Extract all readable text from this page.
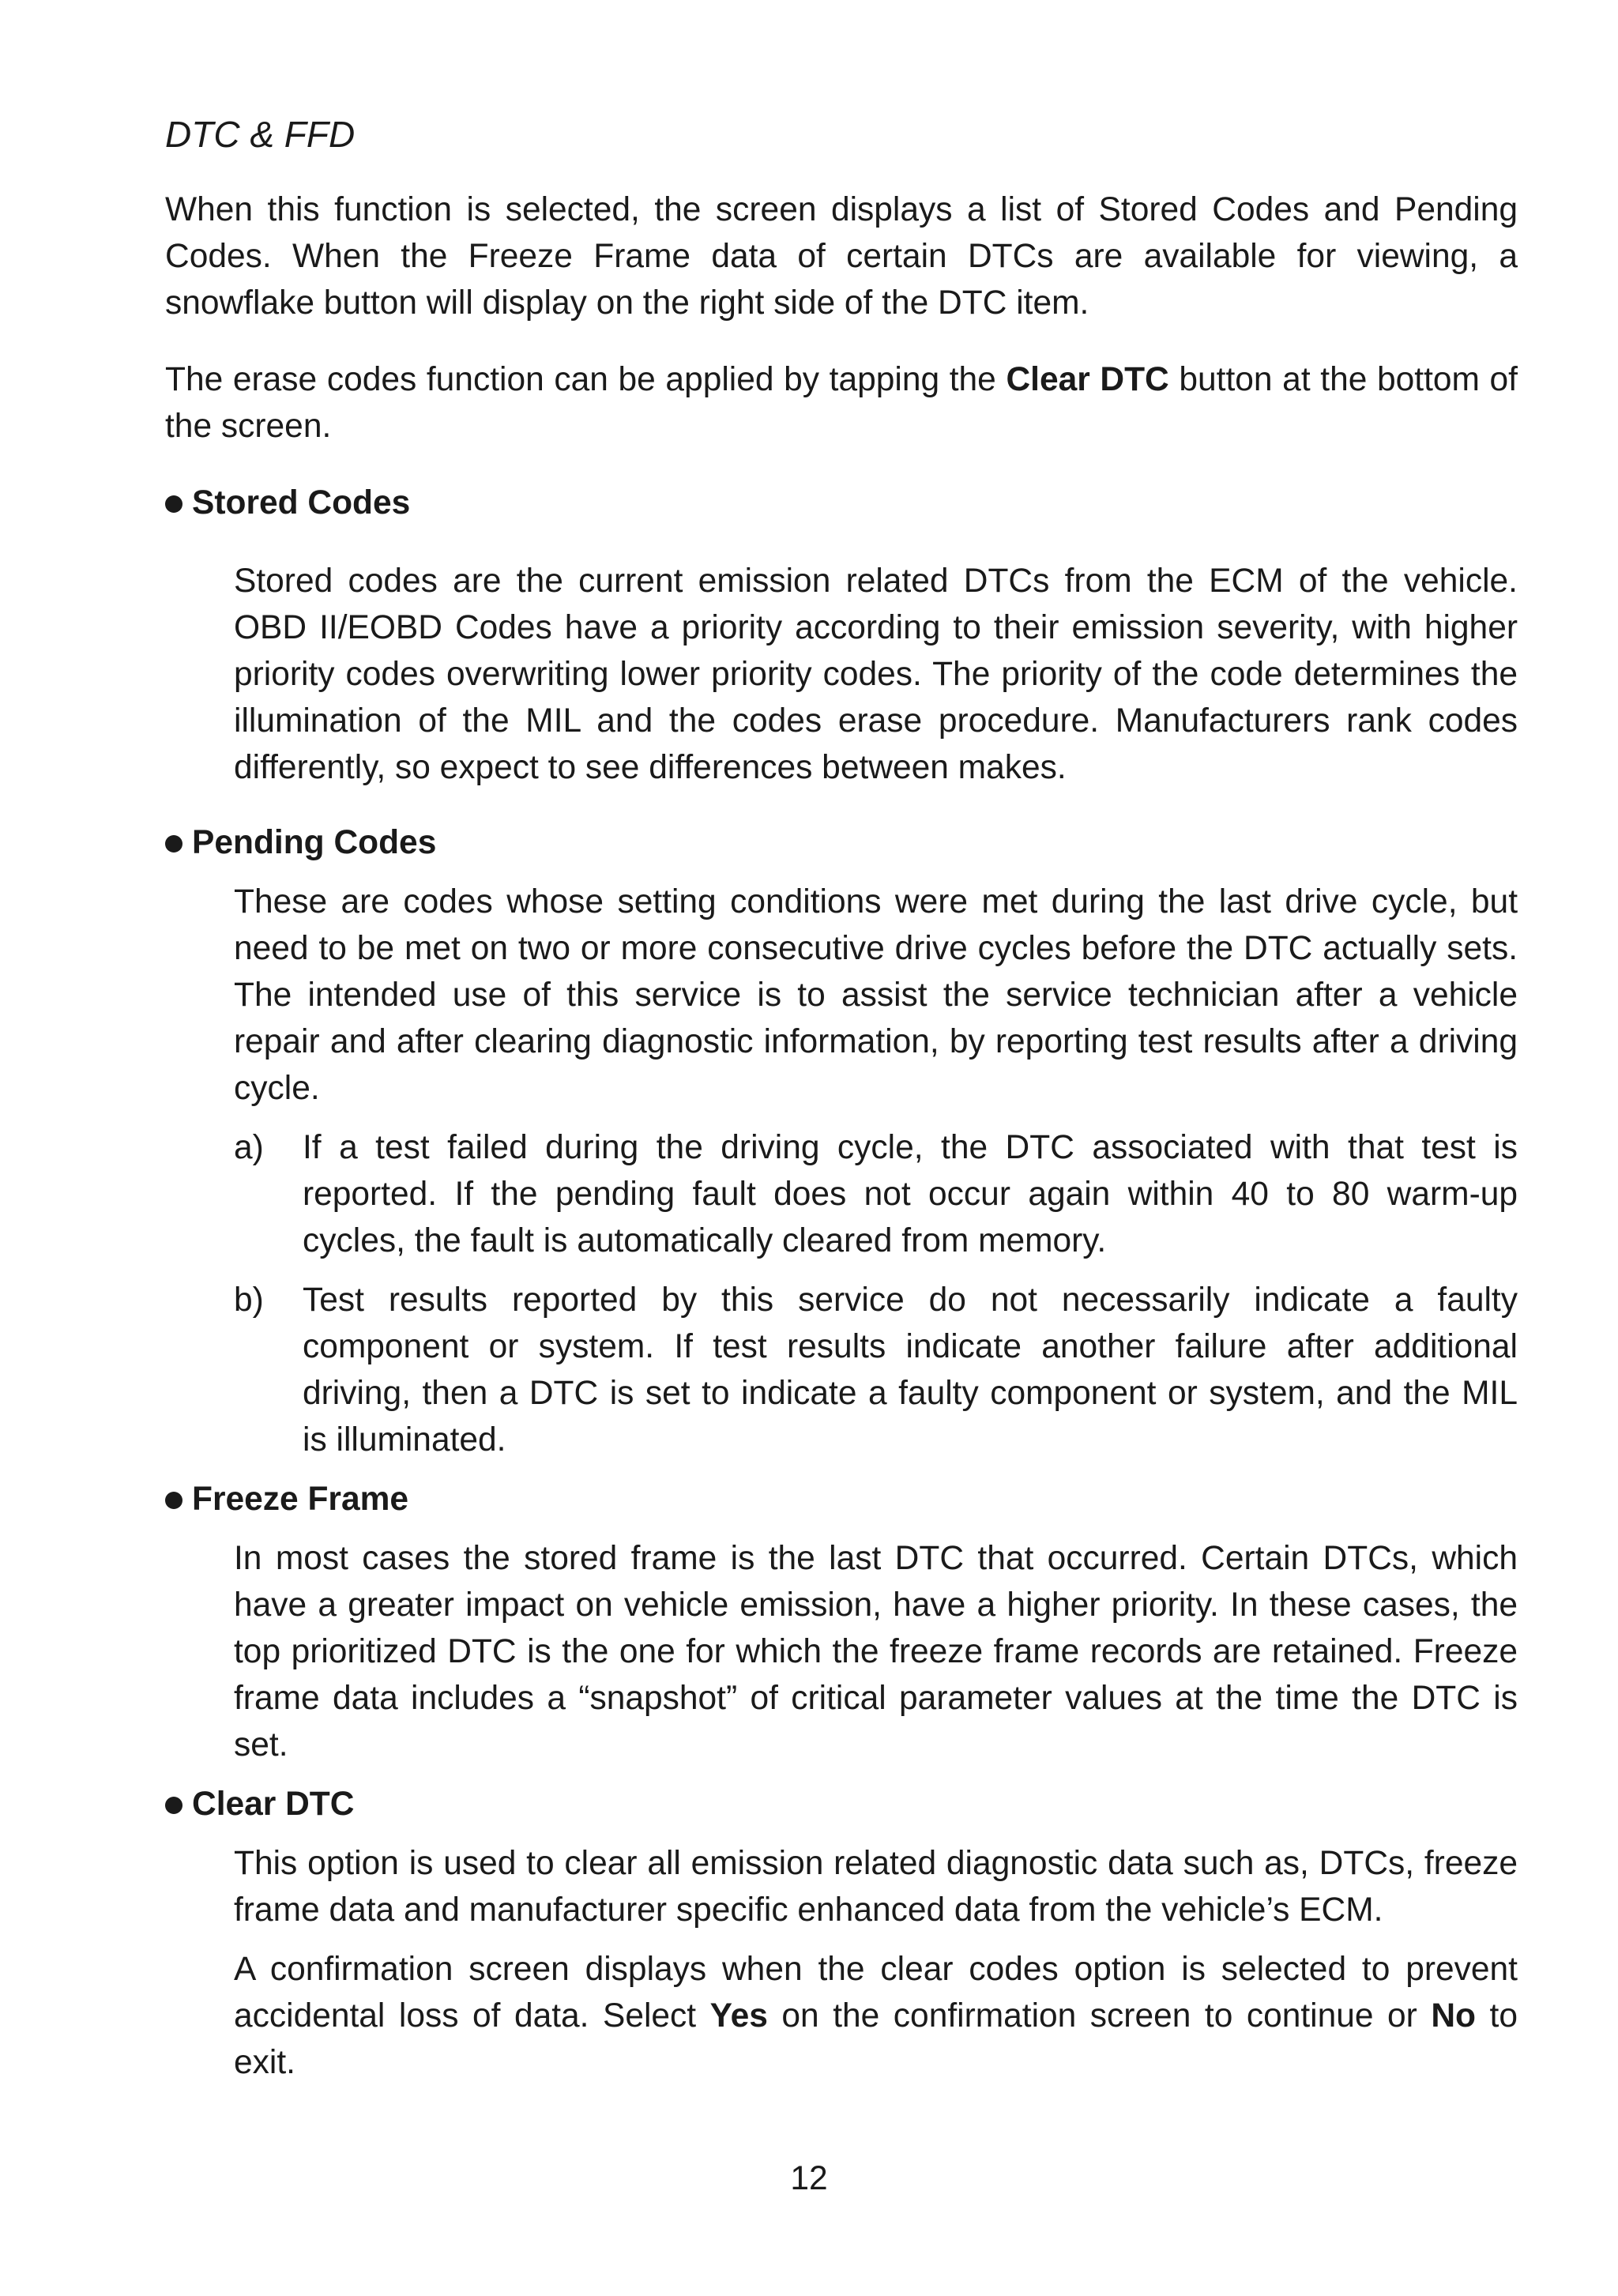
DTC & FFD

When this function is selected, the screen displays a list of Stored Codes and Pending Codes. When the Freeze Frame data of certain DTCs are available for viewing, a snowflake button will display on the right side of the DTC item.

The erase codes function can be applied by tapping the Clear DTC button at the bottom of the screen.

Stored Codes

Stored codes are the current emission related DTCs from the ECM of the vehicle. OBD II/EOBD Codes have a priority according to their emission severity, with higher priority codes overwriting lower priority codes. The priority of the code determines the illumination of the MIL and the codes erase procedure. Manufacturers rank codes differently, so expect to see differences between makes.

Pending Codes

These are codes whose setting conditions were met during the last drive cycle, but need to be met on two or more consecutive drive cycles before the DTC actually sets. The intended use of this service is to assist the service technician after a vehicle repair and after clearing diagnostic information, by reporting test results after a driving cycle.

a) If a test failed during the driving cycle, the DTC associated with that test is reported. If the pending fault does not occur again within 40 to 80 warm-up cycles, the fault is automatically cleared from memory.

b) Test results reported by this service do not necessarily indicate a faulty component or system. If test results indicate another failure after additional driving, then a DTC is set to indicate a faulty component or system, and the MIL is illuminated.

Freeze Frame

In most cases the stored frame is the last DTC that occurred. Certain DTCs, which have a greater impact on vehicle emission, have a higher priority. In these cases, the top prioritized DTC is the one for which the freeze frame records are retained. Freeze frame data includes a “snapshot” of critical parameter values at the time the DTC is set.

Clear DTC

This option is used to clear all emission related diagnostic data such as, DTCs, freeze frame data and manufacturer specific enhanced data from the vehicle’s ECM.

A confirmation screen displays when the clear codes option is selected to prevent accidental loss of data. Select Yes on the confirmation screen to continue or No to exit.

12
